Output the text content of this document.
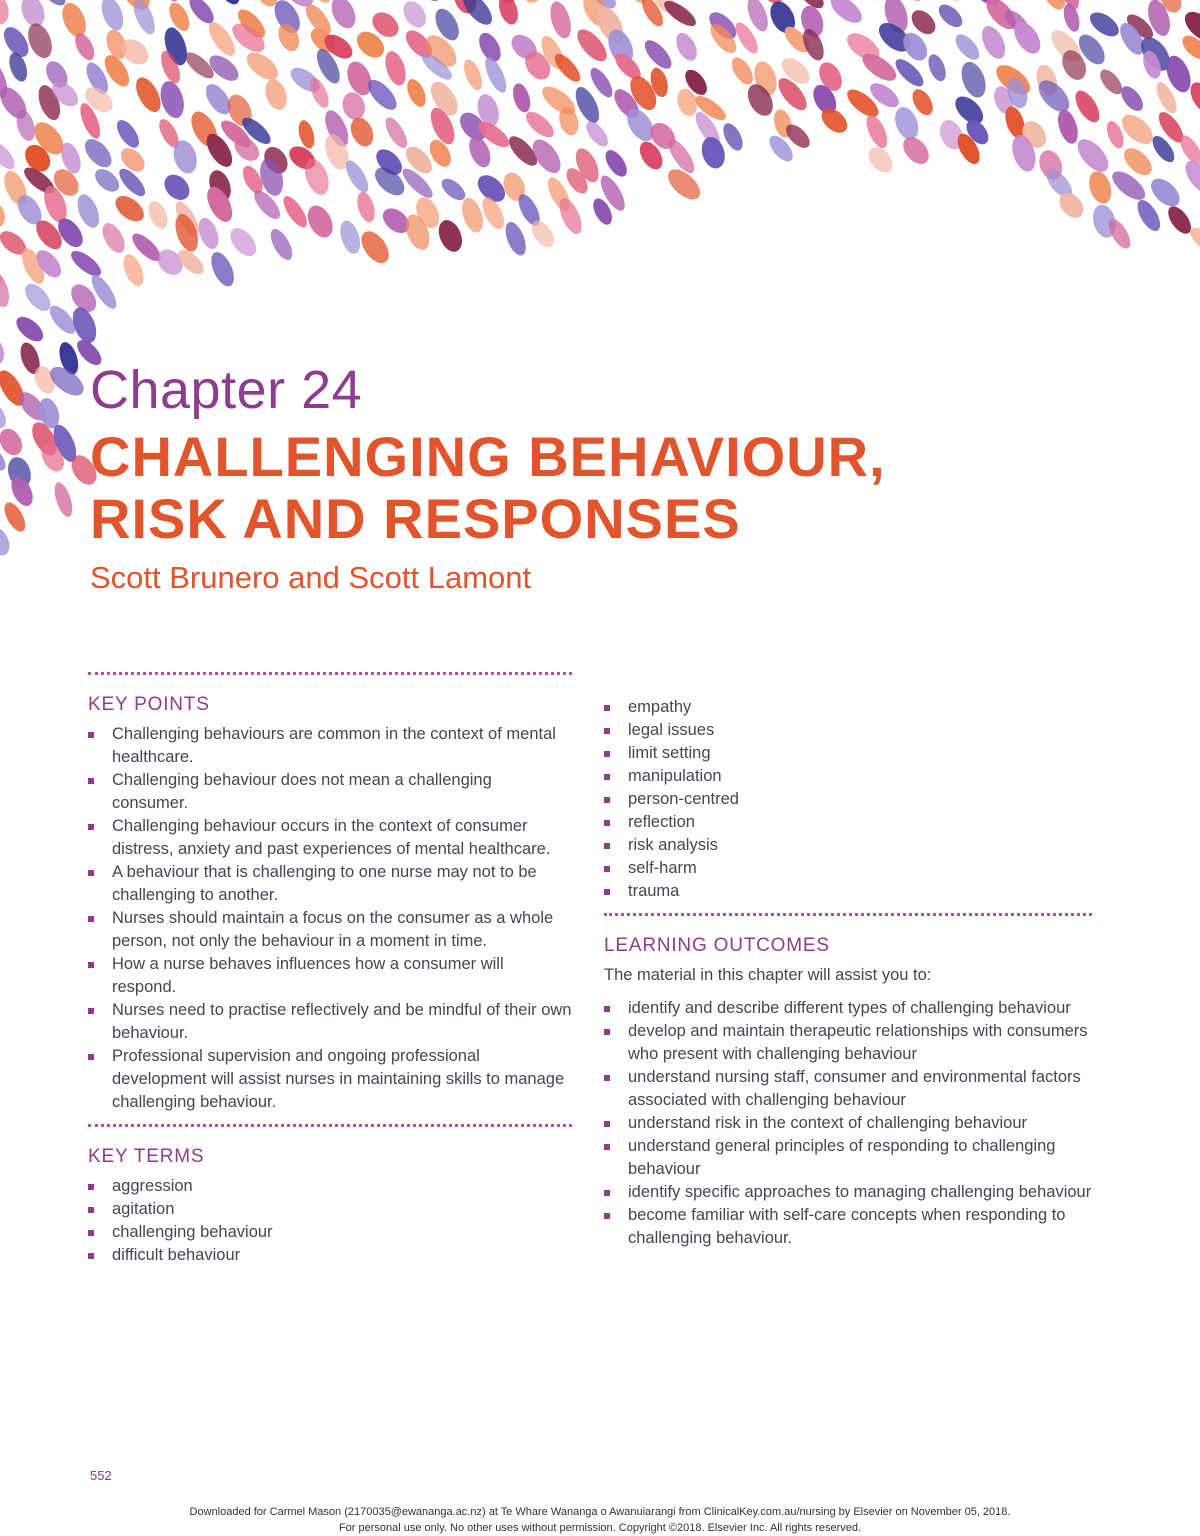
Chapter 24
CHALLENGING BEHAVIOUR,
RISK AND RESPONSES
Scott Brunero and Scott Lamont
KEY POINTS
Challenging behaviours are common in the context of mental healthcare.
Challenging behaviour does not mean a challenging consumer.
Challenging behaviour occurs in the context of consumer distress, anxiety and past experiences of mental healthcare.
A behaviour that is challenging to one nurse may not to be challenging to another.
Nurses should maintain a focus on the consumer as a whole person, not only the behaviour in a moment in time.
How a nurse behaves influences how a consumer will respond.
Nurses need to practise reflectively and be mindful of their own behaviour.
Professional supervision and ongoing professional development will assist nurses in maintaining skills to manage challenging behaviour.
KEY TERMS
aggression
agitation
challenging behaviour
difficult behaviour
empathy
legal issues
limit setting
manipulation
person-centred
reflection
risk analysis
self-harm
trauma
LEARNING OUTCOMES
The material in this chapter will assist you to:
identify and describe different types of challenging behaviour
develop and maintain therapeutic relationships with consumers who present with challenging behaviour
understand nursing staff, consumer and environmental factors associated with challenging behaviour
understand risk in the context of challenging behaviour
understand general principles of responding to challenging behaviour
identify specific approaches to managing challenging behaviour
become familiar with self-care concepts when responding to challenging behaviour.
552
Downloaded for Carmel Mason (2170035@ewananga.ac.nz) at Te Whare Wananga o Awanuiarangi from ClinicalKey.com.au/nursing by Elsevier on November 05, 2018.
For personal use only. No other uses without permission. Copyright ©2018. Elsevier Inc. All rights reserved.
